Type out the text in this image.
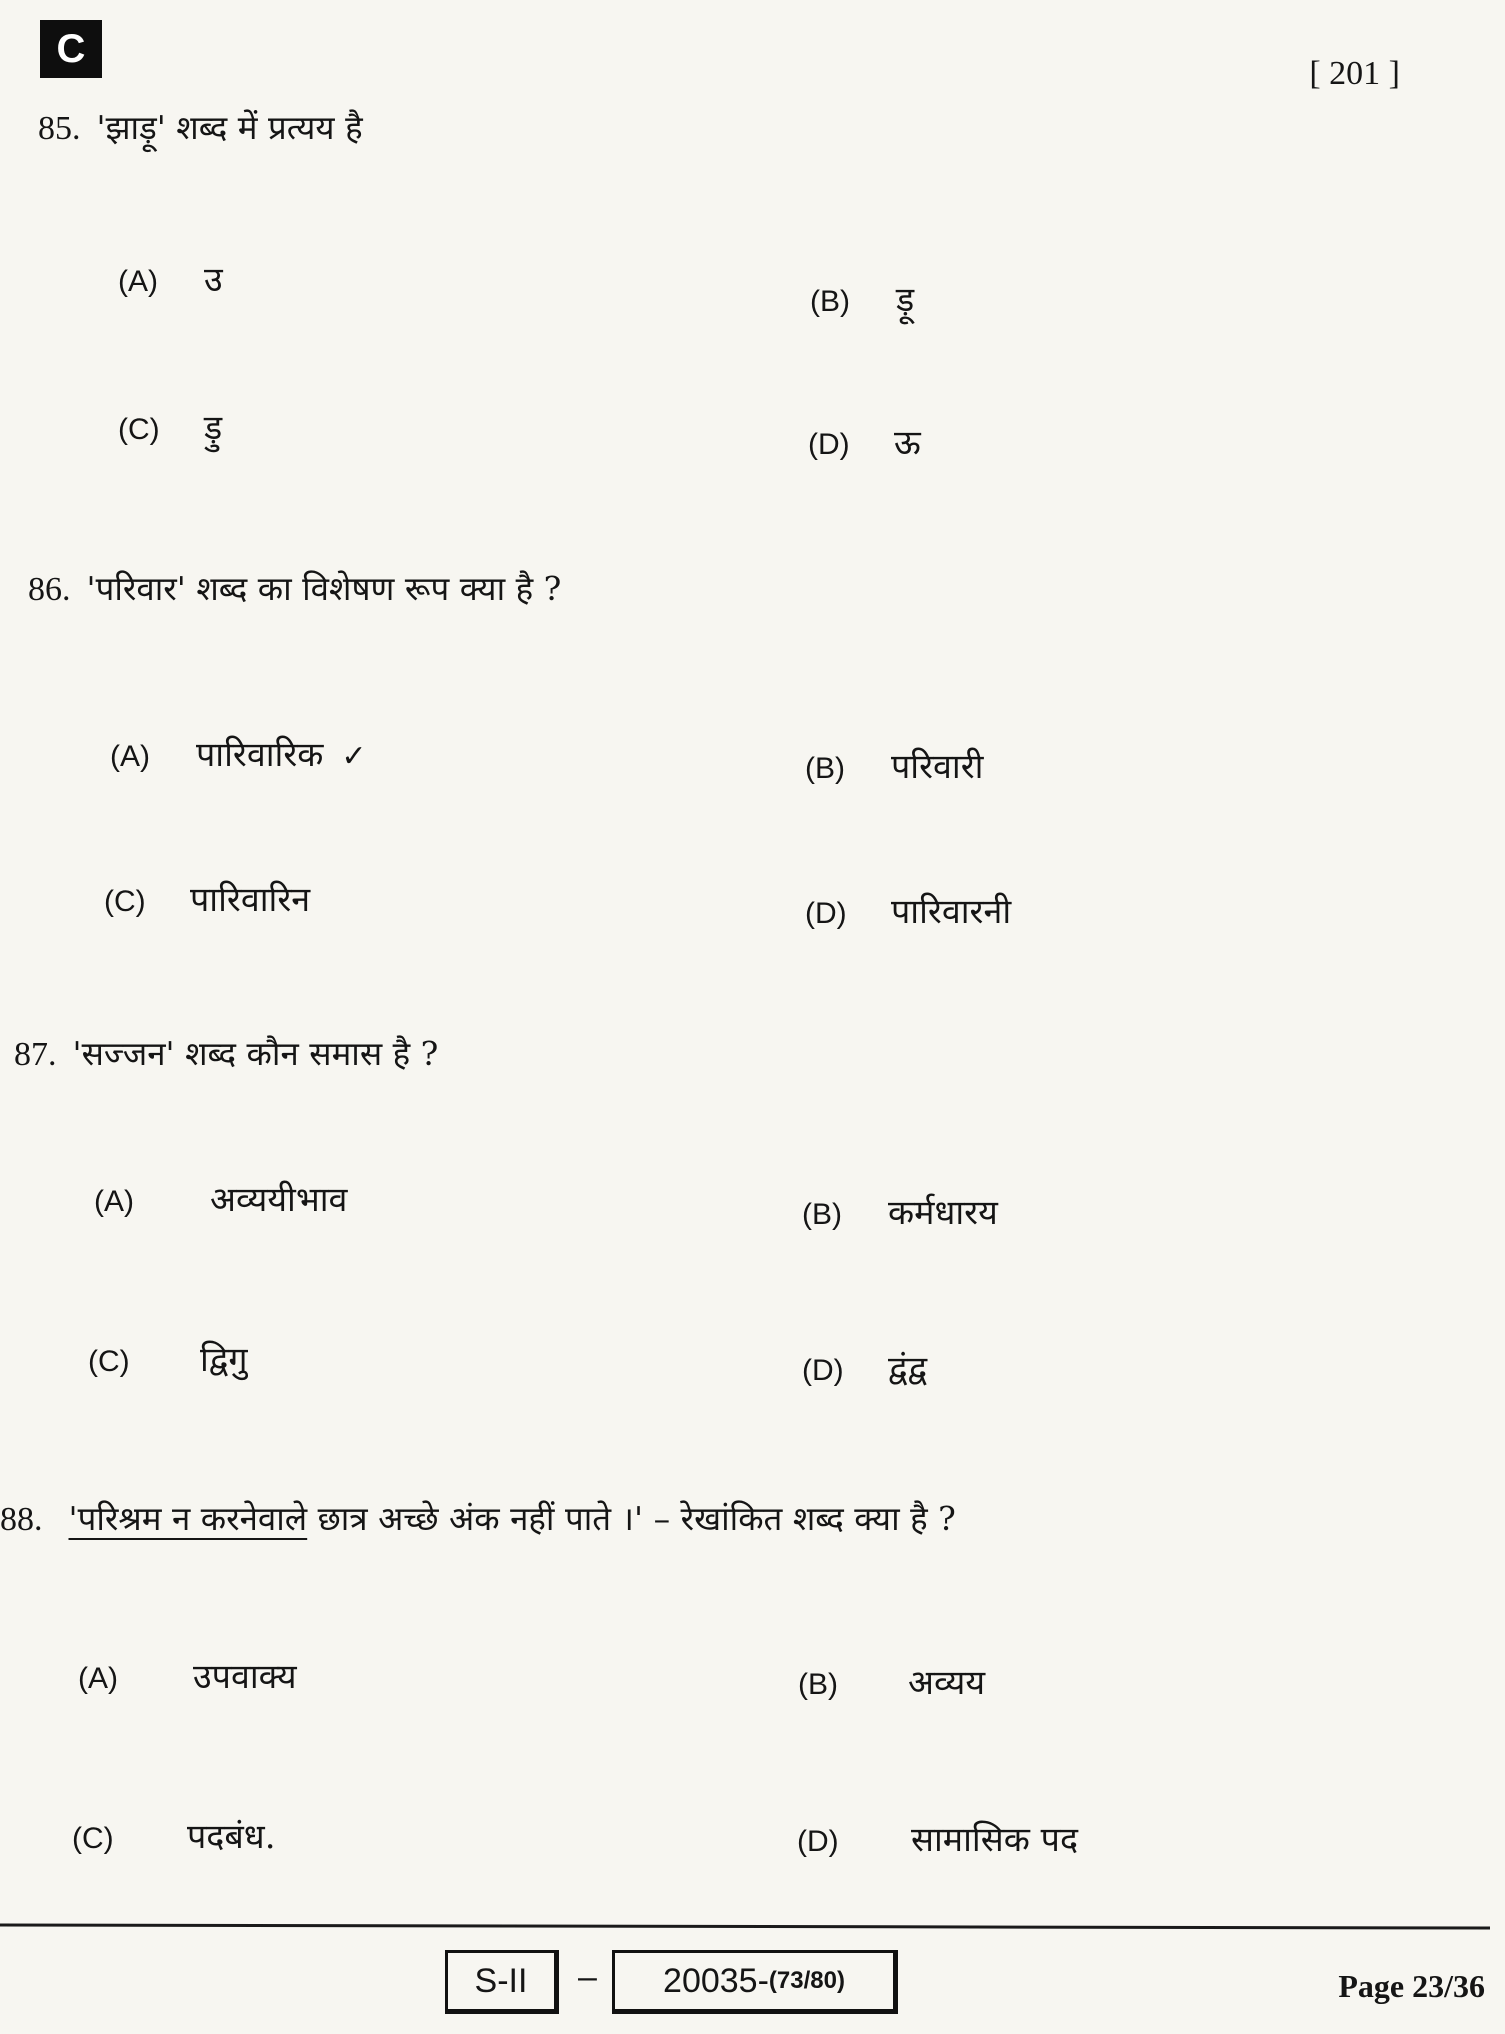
C
[ 201 ]
85. 'झाड़ू' शब्द में प्रत्यय है
(A)	उ
(B)	ड़ू
(C)	ड़ु	(D)	ऊ
86. 'परिवार' शब्द का विशेषण रूप क्या है ?
(A)	पारिवारिक ✓	(B)	परिवारी
(C)	पारिवारिन	(D)	पारिवारनी
87. 'सज्जन' शब्द कौन समास है ?
(A)	अव्ययीभाव	(B)	कर्मधारय
(C)	द्विगु	(D)	द्वंद्व
88. 'परिश्रम न करनेवाले छात्र अच्छे अंक नहीं पाते ।' – रेखांकित शब्द क्या है ?
(A)	उपवाक्य	(B)	अव्यय
(C)	पदबंध.	(D)	सामासिक पद
S-II – 20035- (73/80)	Page 23/36
